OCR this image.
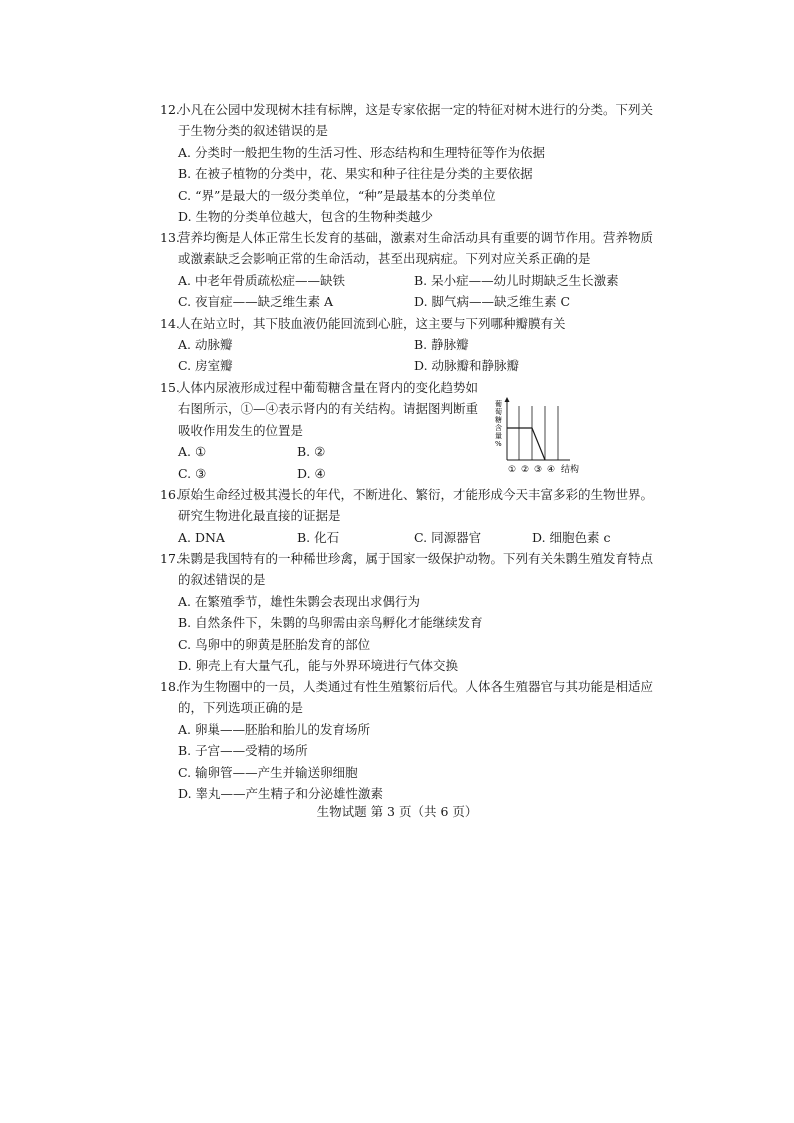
12.
小凡在公园中发现树木挂有标牌，这是专家依据一定的特征对树木进行的分类。下列关
于生物分类的叙述错误的是
A. 分类时一般把生物的生活习性、形态结构和生理特征等作为依据
B. 在被子植物的分类中，花、果实和种子往往是分类的主要依据
C. “界”是最大的一级分类单位，“种”是最基本的分类单位
D. 生物的分类单位越大，包含的生物种类越少
13.
营养均衡是人体正常生长发育的基础，激素对生命活动具有重要的调节作用。营养物质
或激素缺乏会影响正常的生命活动，甚至出现病症。下列对应关系正确的是
A. 中老年骨质疏松症——缺铁	B. 呆小症——幼儿时期缺乏生长激素
C. 夜盲症——缺乏维生素 A	D. 脚气病——缺乏维生素 C
14.
人在站立时，其下肢血液仍能回流到心脏，这主要与下列哪种瓣膜有关
A. 动脉瓣	B. 静脉瓣
C. 房室瓣	D. 动脉瓣和静脉瓣
15.
人体内尿液形成过程中葡萄糖含量在肾内的变化趋势如
右图所示，①—④表示肾内的有关结构。请据图判断重
吸收作用发生的位置是
A. ①	B. ②
C. ③	D. ④
葡
萄
糖
含
量
%
① ② ③ ④ 结构
16.
原始生命经过极其漫长的年代，不断进化、繁衍，才能形成今天丰富多彩的生物世界。
研究生物进化最直接的证据是
A. DNA	B. 化石	C. 同源器官	D. 细胞色素 c
17.
朱鹮是我国特有的一种稀世珍禽，属于国家一级保护动物。下列有关朱鹮生殖发育特点
的叙述错误的是
A. 在繁殖季节，雄性朱鹮会表现出求偶行为
B. 自然条件下，朱鹮的鸟卵需由亲鸟孵化才能继续发育
C. 鸟卵中的卵黄是胚胎发育的部位
D. 卵壳上有大量气孔，能与外界环境进行气体交换
18.
作为生物圈中的一员，人类通过有性生殖繁衍后代。人体各生殖器官与其功能是相适应
的，下列选项正确的是
A. 卵巢——胚胎和胎儿的发育场所
B. 子宫——受精的场所
C. 输卵管——产生并输送卵细胞
D. 睾丸——产生精子和分泌雄性激素
生物试题 第 3 页（共 6 页）
